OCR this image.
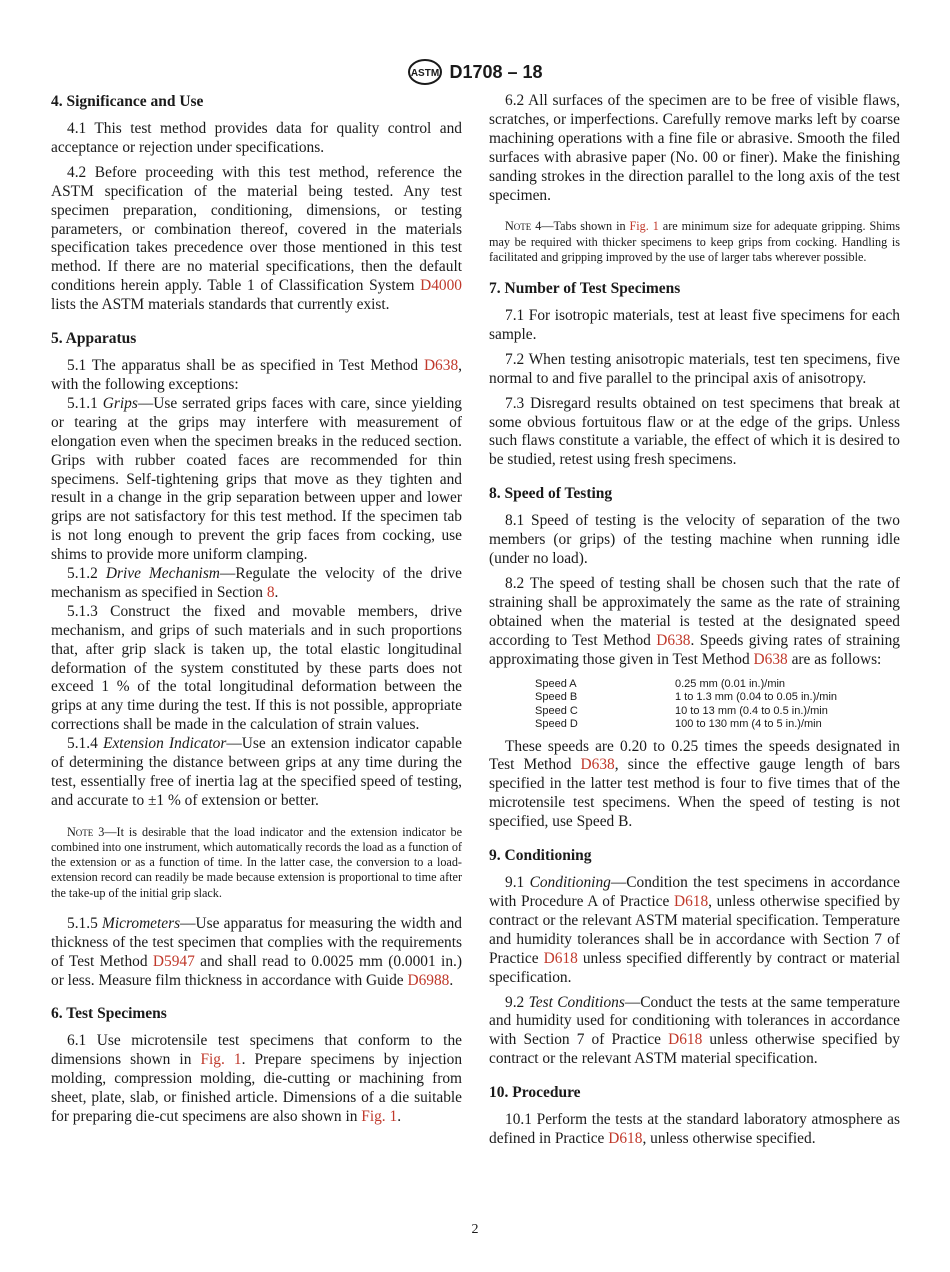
ASTM D1708 – 18
4. Significance and Use

4.1 This test method provides data for quality control and acceptance or rejection under specifications.

4.2 Before proceeding with this test method, reference the ASTM specification of the material being tested. Any test specimen preparation, conditioning, dimensions, or testing parameters, or combination thereof, covered in the materials specification takes precedence over those mentioned in this test method. If there are no material specifications, then the default conditions herein apply. Table 1 of Classification System D4000 lists the ASTM materials standards that currently exist.

5. Apparatus

5.1 The apparatus shall be as specified in Test Method D638, with the following exceptions:

5.1.1 Grips—Use serrated grips faces with care, since yielding or tearing at the grips may interfere with measurement of elongation even when the specimen breaks in the reduced section. Grips with rubber coated faces are recommended for thin specimens. Self-tightening grips that move as they tighten and result in a change in the grip separation between upper and lower grips are not satisfactory for this test method. If the specimen tab is not long enough to prevent the grip faces from cocking, use shims to provide more uniform clamping.

5.1.2 Drive Mechanism—Regulate the velocity of the drive mechanism as specified in Section 8.

5.1.3 Construct the fixed and movable members, drive mechanism, and grips of such materials and in such proportions that, after grip slack is taken up, the total elastic longitudinal deformation of the system constituted by these parts does not exceed 1 % of the total longitudinal deformation between the grips at any time during the test. If this is not possible, appropriate corrections shall be made in the calculation of strain values.

5.1.4 Extension Indicator—Use an extension indicator capable of determining the distance between grips at any time during the test, essentially free of inertia lag at the specified speed of testing, and accurate to ±1 % of extension or better.

Note 3—It is desirable that the load indicator and the extension indicator be combined into one instrument, which automatically records the load as a function of the extension or as a function of time. In the latter case, the conversion to a load-extension record can readily be made because extension is proportional to time after the take-up of the initial grip slack.

5.1.5 Micrometers—Use apparatus for measuring the width and thickness of the test specimen that complies with the requirements of Test Method D5947 and shall read to 0.0025 mm (0.0001 in.) or less. Measure film thickness in accordance with Guide D6988.

6. Test Specimens

6.1 Use microtensile test specimens that conform to the dimensions shown in Fig. 1. Prepare specimens by injection molding, compression molding, die-cutting or machining from sheet, plate, slab, or finished article. Dimensions of a die suitable for preparing die-cut specimens are also shown in Fig. 1.

6.2 All surfaces of the specimen are to be free of visible flaws, scratches, or imperfections. Carefully remove marks left by coarse machining operations with a fine file or abrasive. Smooth the filed surfaces with abrasive paper (No. 00 or finer). Make the finishing sanding strokes in the direction parallel to the long axis of the test specimen.

Note 4—Tabs shown in Fig. 1 are minimum size for adequate gripping. Shims may be required with thicker specimens to keep grips from cocking. Handling is facilitated and gripping improved by the use of larger tabs wherever possible.

7. Number of Test Specimens

7.1 For isotropic materials, test at least five specimens for each sample.

7.2 When testing anisotropic materials, test ten specimens, five normal to and five parallel to the principal axis of anisotropy.

7.3 Disregard results obtained on test specimens that break at some obvious fortuitous flaw or at the edge of the grips. Unless such flaws constitute a variable, the effect of which it is desired to be studied, retest using fresh specimens.

8. Speed of Testing

8.1 Speed of testing is the velocity of separation of the two members (or grips) of the testing machine when running idle (under no load).

8.2 The speed of testing shall be chosen such that the rate of straining shall be approximately the same as the rate of straining obtained when the material is tested at the designated speed according to Test Method D638. Speeds giving rates of straining approximating those given in Test Method D638 are as follows:

Speed A	0.25 mm (0.01 in.)/min
Speed B	1 to 1.3 mm (0.04 to 0.05 in.)/min
Speed C	10 to 13 mm (0.4 to 0.5 in.)/min
Speed D	100 to 130 mm (4 to 5 in.)/min

These speeds are 0.20 to 0.25 times the speeds designated in Test Method D638, since the effective gauge length of bars specified in the latter test method is four to five times that of the microtensile test specimens. When the speed of testing is not specified, use Speed B.

9. Conditioning

9.1 Conditioning—Condition the test specimens in accordance with Procedure A of Practice D618, unless otherwise specified by contract or the relevant ASTM material specification. Temperature and humidity tolerances shall be in accordance with Section 7 of Practice D618 unless specified differently by contract or material specification.

9.2 Test Conditions—Conduct the tests at the same temperature and humidity used for conditioning with tolerances in accordance with Section 7 of Practice D618 unless otherwise specified by contract or the relevant ASTM material specification.

10. Procedure

10.1 Perform the tests at the standard laboratory atmosphere as defined in Practice D618, unless otherwise specified.

2
